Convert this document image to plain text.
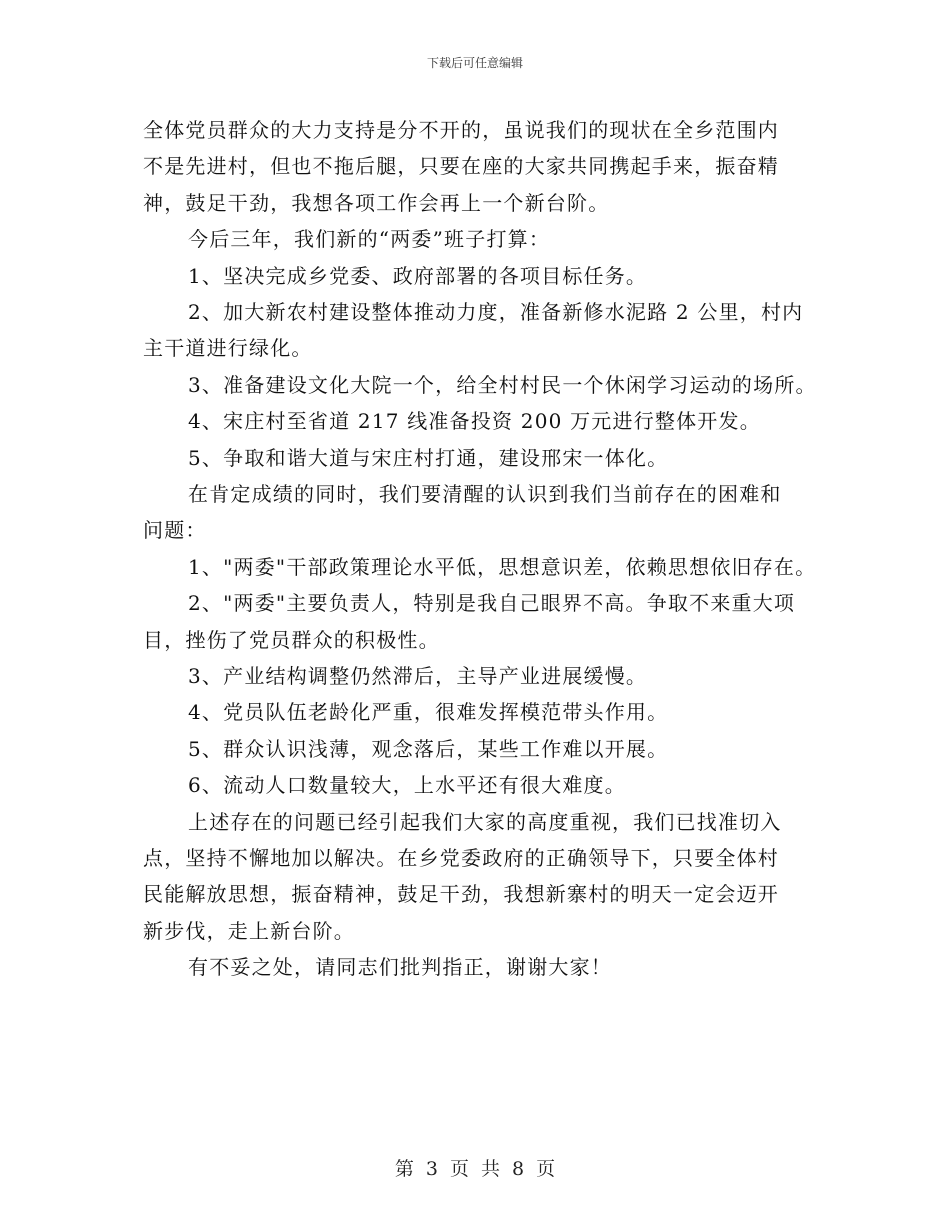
下载后可任意编辑
全体党员群众的大力支持是分不开的，虽说我们的现状在全乡范围内
不是先进村，但也不拖后腿，只要在座的大家共同携起手来，振奋精
神，鼓足干劲，我想各项工作会再上一个新台阶。
今后三年，我们新的“两委”班子打算：
1、坚决完成乡党委、政府部署的各项目标任务。
2、加大新农村建设整体推动力度，准备新修水泥路 2 公里，村内
主干道进行绿化。
3、准备建设文化大院一个，给全村村民一个休闲学习运动的场所。
4、宋庄村至省道 217 线准备投资 200 万元进行整体开发。
5、争取和谐大道与宋庄村打通，建设邢宋一体化。
在肯定成绩的同时，我们要清醒的认识到我们当前存在的困难和
问题：
1、"两委"干部政策理论水平低，思想意识差，依赖思想依旧存在。
2、"两委"主要负责人，特别是我自己眼界不高。争取不来重大项
目，挫伤了党员群众的积极性。
3、产业结构调整仍然滞后，主导产业进展缓慢。
4、党员队伍老龄化严重，很难发挥模范带头作用。
5、群众认识浅薄，观念落后，某些工作难以开展。
6、流动人口数量较大，上水平还有很大难度。
上述存在的问题已经引起我们大家的高度重视，我们已找准切入
点，坚持不懈地加以解决。在乡党委政府的正确领导下，只要全体村
民能解放思想，振奋精神，鼓足干劲，我想新寨村的明天一定会迈开
新步伐，走上新台阶。
有不妥之处，请同志们批判指正，谢谢大家！
第 3 页 共 8 页
